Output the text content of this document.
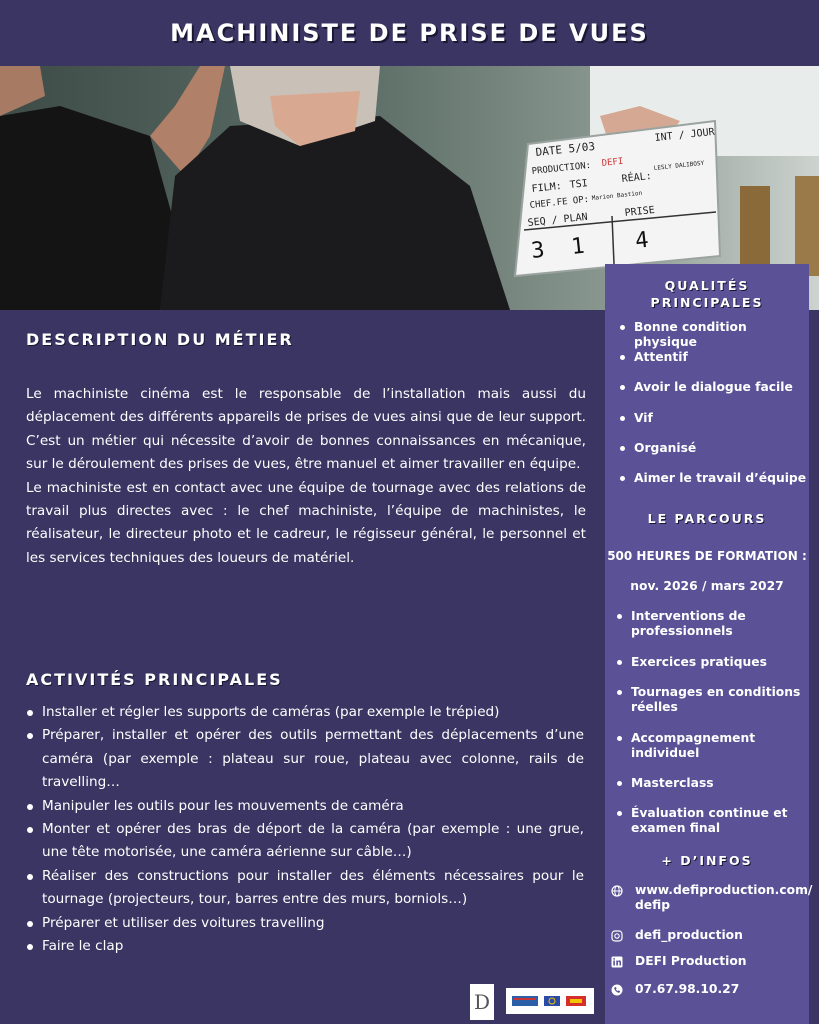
MACHINISTE DE PRISE DE VUES
DATE 5/03
INT / JOUR
PRODUCTION: DEFI
FILM: TSI	RÉAL:
LESLY DALIBOSY
CHEF.FE OP: Marion Bastion
SEQ / PLAN	PRISE
3 1 4
DESCRIPTION DU MÉTIER

Le machiniste cinéma est le responsable de l’installation mais aussi du déplacement des différents appareils de prises de vues ainsi que de leur support. C’est un métier qui nécessite d’avoir de bonnes connaissances en mécanique, sur le déroulement des prises de vues, être manuel et aimer travailler en équipe.

Le machiniste est en contact avec une équipe de tournage avec des relations de travail plus directes avec : le chef machiniste, l’équipe de machinistes, le réalisateur, le directeur photo et le cadreur, le régisseur général, le personnel et les services techniques des loueurs de matériel.

ACTIVITÉS PRINCIPALES
Installer et régler les supports de caméras (par exemple le trépied)
Préparer, installer et opérer des outils permettant des déplacements d’une caméra (par exemple : plateau sur roue, plateau avec colonne, rails de travelling…
Manipuler les outils pour les mouvements de caméra
Monter et opérer des bras de déport de la caméra (par exemple : une grue, une tête motorisée, une caméra aérienne sur câble…)
Réaliser des constructions pour installer des éléments nécessaires pour le tournage (projecteurs, tour, barres entre des murs, borniols…)
Préparer et utiliser des voitures travelling
Faire le clap
QUALITÉS
PRINCIPALES
Bonne condition physique
Attentif
Avoir le dialogue facile
Vif
Organisé
Aimer le travail d’équipe
LE PARCOURS
500 HEURES DE FORMATION :
nov. 2026 / mars 2027
Interventions de professionnels
Exercices pratiques
Tournages en conditions réelles
Accompagnement individuel
Masterclass
Évaluation continue et examen final
+ D’INFOS
www.defiproduction.com/ defip
defi_production
DEFI Production
07.67.98.10.27
D
